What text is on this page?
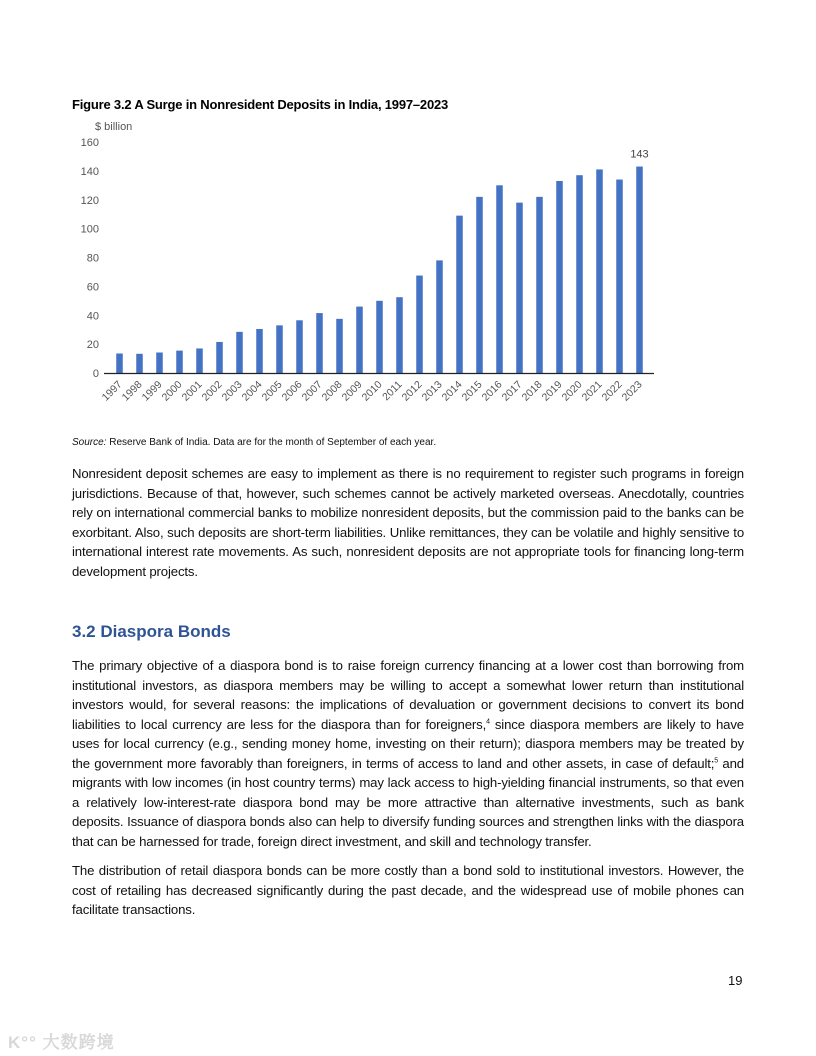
Figure 3.2 A Surge in Nonresident Deposits in India, 1997–2023
$ billion
0
20
40
60
80
100
120
140
160
1997
1998
1999
2000
2001
2002
2003
2004
2005
2006
2007
2008
2009
2010
2011
2012
2013
2014
2015
2016
2017
2018
2019
2020
2021
2022
2023
143
Source: Reserve Bank of India. Data are for the month of September of each year.
Nonresident deposit schemes are easy to implement as there is no requirement to register such programs in foreign jurisdictions. Because of that, however, such schemes cannot be actively marketed overseas. Anecdotally, countries rely on international commercial banks to mobilize nonresident deposits, but the commission paid to the banks can be exorbitant. Also, such deposits are short-term liabilities. Unlike remittances, they can be volatile and highly sensitive to international interest rate movements. As such, nonresident deposits are not appropriate tools for financing long-term development projects.
3.2 Diaspora Bonds
The primary objective of a diaspora bond is to raise foreign currency financing at a lower cost than borrowing from institutional investors, as diaspora members may be willing to accept a somewhat lower return than institutional investors would, for several reasons: the implications of devaluation or government decisions to convert its bond liabilities to local currency are less for the diaspora than for foreigners,$^4$ since diaspora members are likely to have uses for local currency (e.g., sending money home, investing on their return); diaspora members may be treated by the government more favorably than foreigners, in terms of access to land and other assets, in case of default;$^5$ and migrants with low incomes (in host country terms) may lack access to high-yielding financial instruments, so that even a relatively low-interest-rate diaspora bond may be more attractive than alternative investments, such as bank deposits. Issuance of diaspora bonds also can help to diversify funding sources and strengthen links with the diaspora that can be harnessed for trade, foreign direct investment, and skill and technology transfer.
The distribution of retail diaspora bonds can be more costly than a bond sold to institutional investors. However, the cost of retailing has decreased significantly during the past decade, and the widespread use of mobile phones can facilitate transactions.
19
K°° 大数跨境
